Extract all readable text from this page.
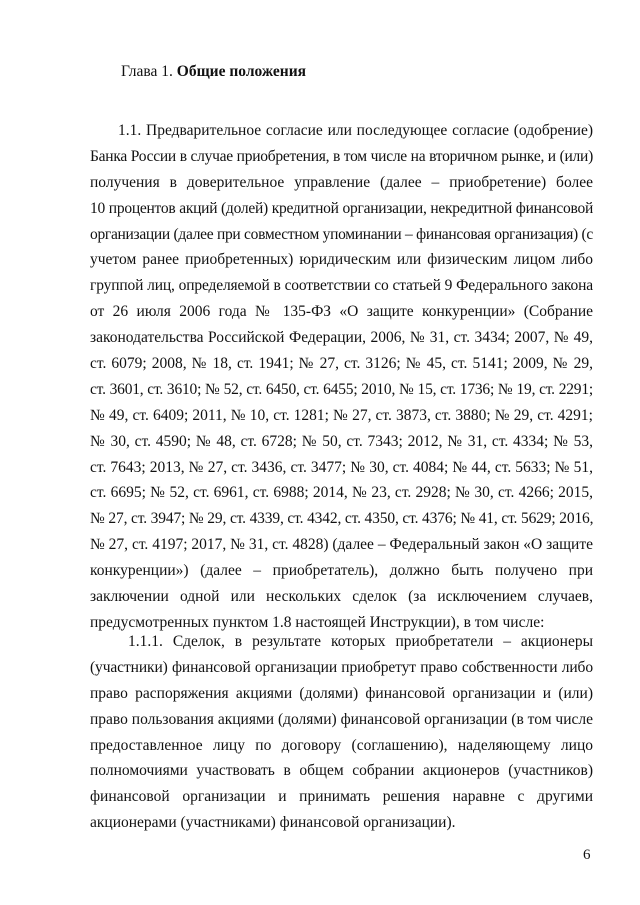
Глава 1. Общие положения
1.1. Предварительное согласие или последующее согласие (одобрение)
Банка России в случае приобретения, в том числе на вторичном рынке, и (или)
получения в доверительное управление (далее – приобретение) более
10 процентов акций (долей) кредитной организации, некредитной финансовой
организации (далее при совместном упоминании – финансовая организация) (с
учетом ранее приобретенных) юридическим или физическим лицом либо
группой лиц, определяемой в соответствии со статьей 9 Федерального закона
от 26 июля 2006 года № 135-ФЗ «О защите конкуренции» (Собрание
законодательства Российской Федерации, 2006, № 31, ст. 3434; 2007, № 49,
ст. 6079; 2008, № 18, ст. 1941; № 27, ст. 3126; № 45, ст. 5141; 2009, № 29,
ст. 3601, ст. 3610; № 52, ст. 6450, ст. 6455; 2010, № 15, ст. 1736; № 19, ст. 2291;
№ 49, ст. 6409; 2011, № 10, ст. 1281; № 27, ст. 3873, ст. 3880; № 29, ст. 4291;
№ 30, ст. 4590; № 48, ст. 6728; № 50, ст. 7343; 2012, № 31, ст. 4334; № 53,
ст. 7643; 2013, № 27, ст. 3436, ст. 3477; № 30, ст. 4084; № 44, ст. 5633; № 51,
ст. 6695; № 52, ст. 6961, ст. 6988; 2014, № 23, ст. 2928; № 30, ст. 4266; 2015,
№ 27, ст. 3947; № 29, ст. 4339, ст. 4342, ст. 4350, ст. 4376; № 41, ст. 5629; 2016,
№ 27, ст. 4197; 2017, № 31, ст. 4828) (далее – Федеральный закон «О защите
конкуренции») (далее – приобретатель), должно быть получено при
заключении одной или нескольких сделок (за исключением случаев,
предусмотренных пунктом 1.8 настоящей Инструкции), в том числе:
1.1.1. Сделок, в результате которых приобретатели – акционеры
(участники) финансовой организации приобретут право собственности либо
право распоряжения акциями (долями) финансовой организации и (или)
право пользования акциями (долями) финансовой организации (в том числе
предоставленное лицу по договору (соглашению), наделяющему лицо
полномочиями участвовать в общем собрании акционеров (участников)
финансовой организации и принимать решения наравне с другими
акционерами (участниками) финансовой организации).
6
